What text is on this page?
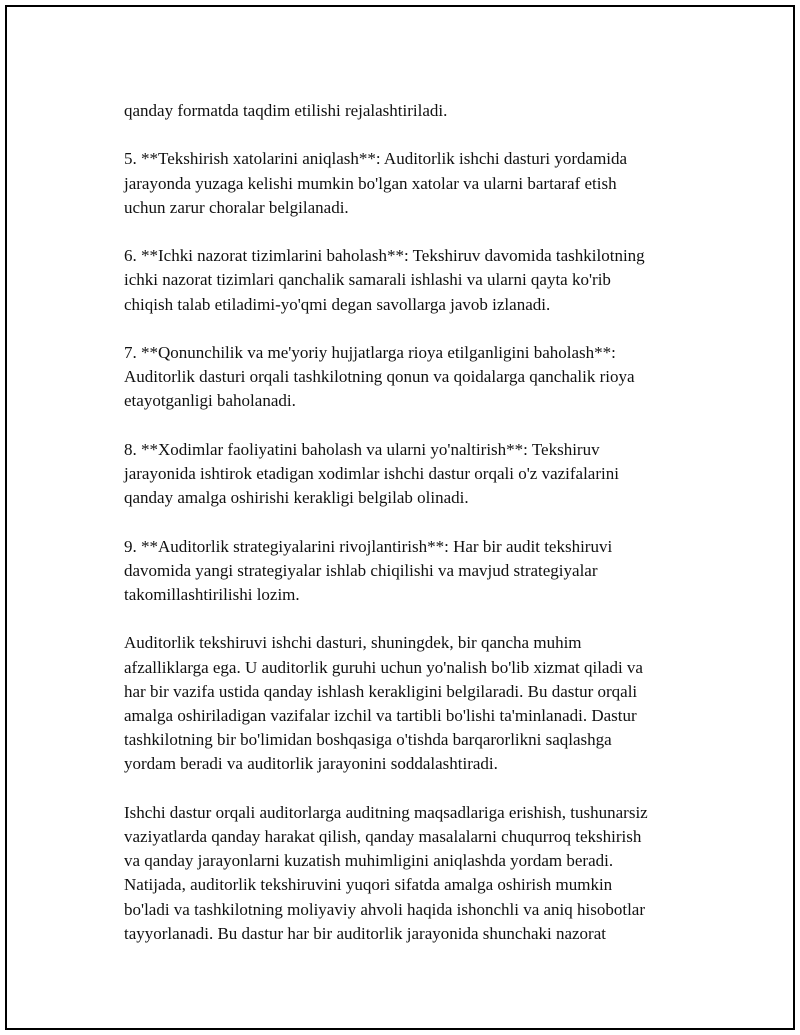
qanday formatda taqdim etilishi rejalashtiriladi.

5. **Tekshirish xatolarini aniqlash**: Auditorlik ishchi dasturi yordamida
jarayonda yuzaga kelishi mumkin bo'lgan xatolar va ularni bartaraf etish
uchun zarur choralar belgilanadi.

6. **Ichki nazorat tizimlarini baholash**: Tekshiruv davomida tashkilotning
ichki nazorat tizimlari qanchalik samarali ishlashi va ularni qayta ko'rib
chiqish talab etiladimi-yo'qmi degan savollarga javob izlanadi.

7. **Qonunchilik va me'yoriy hujjatlarga rioya etilganligini baholash**:
Auditorlik dasturi orqali tashkilotning qonun va qoidalarga qanchalik rioya
etayotganligi baholanadi.

8. **Xodimlar faoliyatini baholash va ularni yo'naltirish**: Tekshiruv
jarayonida ishtirok etadigan xodimlar ishchi dastur orqali o'z vazifalarini
qanday amalga oshirishi kerakligi belgilab olinadi.

9. **Auditorlik strategiyalarini rivojlantirish**: Har bir audit tekshiruvi
davomida yangi strategiyalar ishlab chiqilishi va mavjud strategiyalar
takomillashtirilishi lozim.

Auditorlik tekshiruvi ishchi dasturi, shuningdek, bir qancha muhim
afzalliklarga ega. U auditorlik guruhi uchun yo'nalish bo'lib xizmat qiladi va
har bir vazifa ustida qanday ishlash kerakligini belgilaradi. Bu dastur orqali
amalga oshiriladigan vazifalar izchil va tartibli bo'lishi ta'minlanadi. Dastur
tashkilotning bir bo'limidan boshqasiga o'tishda barqarorlikni saqlashga
yordam beradi va auditorlik jarayonini soddalashtiradi.

Ishchi dastur orqali auditorlarga auditning maqsadlariga erishish, tushunarsiz
vaziyatlarda qanday harakat qilish, qanday masalalarni chuqurroq tekshirish
va qanday jarayonlarni kuzatish muhimligini aniqlashda yordam beradi.
Natijada, auditorlik tekshiruvini yuqori sifatda amalga oshirish mumkin
bo'ladi va tashkilotning moliyaviy ahvoli haqida ishonchli va aniq hisobotlar
tayyorlanadi. Bu dastur har bir auditorlik jarayonida shunchaki nazorat
